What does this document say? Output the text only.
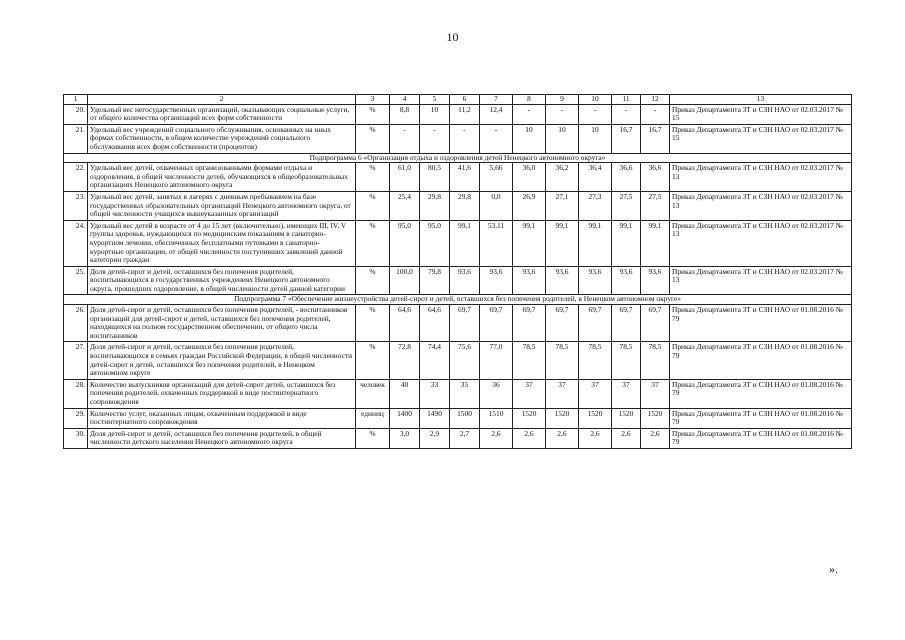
10
1	2	3	4	5	6	7	8	9	10	11	12	13
20.	Удельный вес негосударственных организаций, оказывающих социальные услуги, от общего количества организаций всех форм собственности	%	8,8	10	11,2	12,4	-	-	-	-	-	Приказ Департамента ЗТ и СЗН НАО от 02.03.2017 № 15
21.	Удельный вес учреждений социального обслуживания, основанных на иных формах собственности, в общем количестве учреждений социального обслуживания всех форм собственности (процентов)	%	-	-	-	-	10	10	10	16,7	16,7	Приказ Департамента ЗТ и СЗН НАО от 02.03.2017 № 15
Подпрограмма 6 «Организация отдыха и оздоровления детей Ненецкого автономного округа»												
22.	Удельный вес детей, охваченных организованными формами отдыха и оздоровления, в общей численности детей, обучающихся в общеобразовательных организациях Ненецкого автономного округа	%	61,0	80,5	41,6	5,66	36,0	36,2	36,4	36,6	36,6	Приказ Департамента ЗТ и СЗН НАО от 02.03.2017 № 13
23.	Удельный вес детей, занятых в лагерях с дневным пребыванием на базе государственных образовательных организаций Ненецкого автономного округа, от общей численности учащихся вышеуказанных организаций	%	25,4	29,8	29,8	0,0	26,9	27,1	27,3	27,5	27,5	Приказ Департамента ЗТ и СЗН НАО от 02.03.2017 № 13
24.	Удельный вес детей в возрасте от 4 до 15 лет (включительно), имеющих III, IV, V группы здоровья, нуждающихся по медицинским показаниям в санаторно-курортном лечении, обеспеченных бесплатными путевками в санаторно-курортные организации, от общей численности поступивших заявлений данной категории граждан	%	95,0	95,0	99,1	53,11	99,1	99,1	99,1	99,1	99,1	Приказ Департамента ЗТ и СЗН НАО от 02.03.2017 № 13
25.	Доля детей-сирот и детей, оставшихся без попечения родителей, воспитывающихся в государственных учреждениях Ненецкого автономного округа, прошедших оздоровление, в общей численности детей данной категории	%	100,0	79,8	93,6	93,6	93,6	93,6	93,6	93,6	93,6	Приказ Департамента ЗТ и СЗН НАО от 02.03.2017 № 13
Подпрограмма 7 «Обеспечение жизнеустройства детей-сирот и детей, оставшихся без попечения родителей, в Ненецком автономном округе»												
26.	Доля детей-сирот и детей, оставшихся без попечения родителей, - воспитанников организаций для детей-сирот и детей, оставшихся без попечения родителей, находящихся на полном государственном обеспечении, от общего числа воспитанников	%	64,6	64,6	69,7	69,7	69,7	69,7	69,7	69,7	69,7	Приказ Департамента ЗТ и СЗН НАО от 01.08.2016 № 79
27.	Доля детей-сирот и детей, оставшихся без попечения родителей, воспитывающихся в семьях граждан Российской Федерации, в общей численности детей-сирот и детей, оставшихся без попечения родителей, в Ненецком автономном округе	%	72,8	74,4	75,6	77,0	78,5	78,5	78,5	78,5	78,5	Приказ Департамента ЗТ и СЗН НАО от 01.08.2016 № 79
28.	Количество выпускников организаций для детей-сирот детей, оставшихся без попечения родителей, охваченных поддержкой в виде постинтернатного сопровождения	человек	40	33	35	36	37	37	37	37	37	Приказ Департамента ЗТ и СЗН НАО от 01.08.2016 № 79
29.	Количество услуг, оказанных лицам, охваченным поддержкой в виде постинтернатного сопровождения	единиц	1400	1490	1500	1510	1520	1520	1520	1520	1520	Приказ Департамента ЗТ и СЗН НАО от 01.08.2016 № 79
30.	Доля детей-сирот и детей, оставшихся без попечения родителей, в общей численности детского населения Ненецкого автономного округа	%	3,0	2,9	2,7	2,6	2,6	2,6	2,6	2,6	2,6	Приказ Департамента ЗТ и СЗН НАО от 01.08.2016 № 79
».
